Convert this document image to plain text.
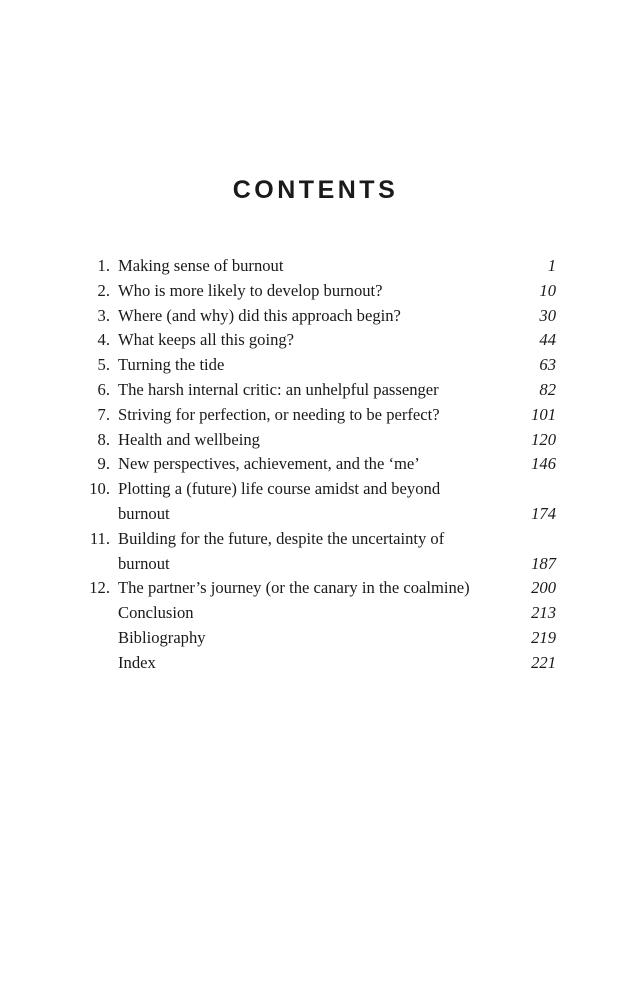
CONTENTS
1. Making sense of burnout	1
2. Who is more likely to develop burnout?	10
3. Where (and why) did this approach begin?	30
4. What keeps all this going?	44
5. Turning the tide	63
6. The harsh internal critic: an unhelpful passenger	82
7. Striving for perfection, or needing to be perfect?	101
8. Health and wellbeing	120
9. New perspectives, achievement, and the ‘me’	146
10. Plotting a (future) life course amidst and beyond
burnout	174
11. Building for the future, despite the uncertainty of
burnout	187
12. The partner’s journey (or the canary in the coalmine)	200
Conclusion	213
Bibliography	219
Index	221
